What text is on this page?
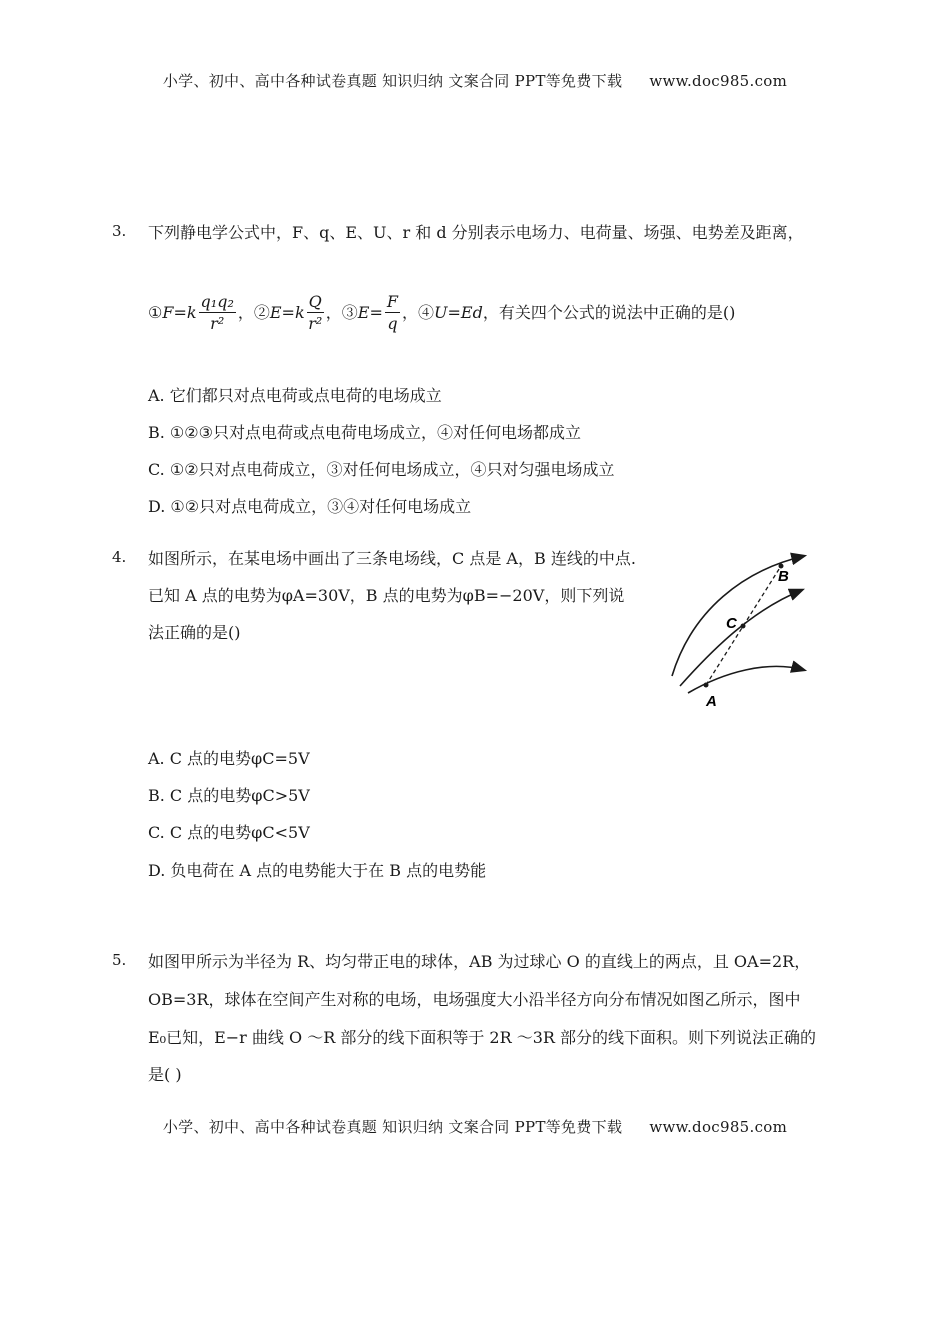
小学、初中、高中各种试卷真题 知识归纳 文案合同 PPT等免费下载 www.doc985.com
3. 下列静电学公式中，F、q、E、U、r 和 d 分别表示电场力、电荷量、场强、电势差及距离，
①F=k $\frac{\text{q₁q₂}}{\text{r²}}$ ，②E=k $\frac{Q}{\text{r²}}$ ，③E= $\frac{F}{q}$ ，④U=Ed，有关四个公式的说法中正确的是()
A. 它们都只对点电荷或点电荷的电场成立
B. ①②③只对点电荷或点电荷电场成立，④对任何电场都成立
C. ①②只对点电荷成立，③对任何电场成立，④只对匀强电场成立
D. ①②只对点电荷成立，③④对任何电场成立
4. 如图所示，在某电场中画出了三条电场线，C 点是 A，B 连线的中点.
已知 A 点的电势为φA=30V，B 点的电势为φB=−20V，则下列说
法正确的是()
A
C
B
A. C 点的电势φC=5V
B. C 点的电势φC>5V
C. C 点的电势φC<5V
D. 负电荷在 A 点的电势能大于在 B 点的电势能
5. 如图甲所示为半径为 R、均匀带正电的球体，AB 为过球心 O 的直线上的两点，且 OA=2R，
OB=3R，球体在空间产生对称的电场，电场强度大小沿半径方向分布情况如图乙所示，图中
E₀已知，E−r 曲线 O ～R 部分的线下面积等于 2R ～3R 部分的线下面积。则下列说法正确的
是( )
小学、初中、高中各种试卷真题 知识归纳 文案合同 PPT等免费下载 www.doc985.com
